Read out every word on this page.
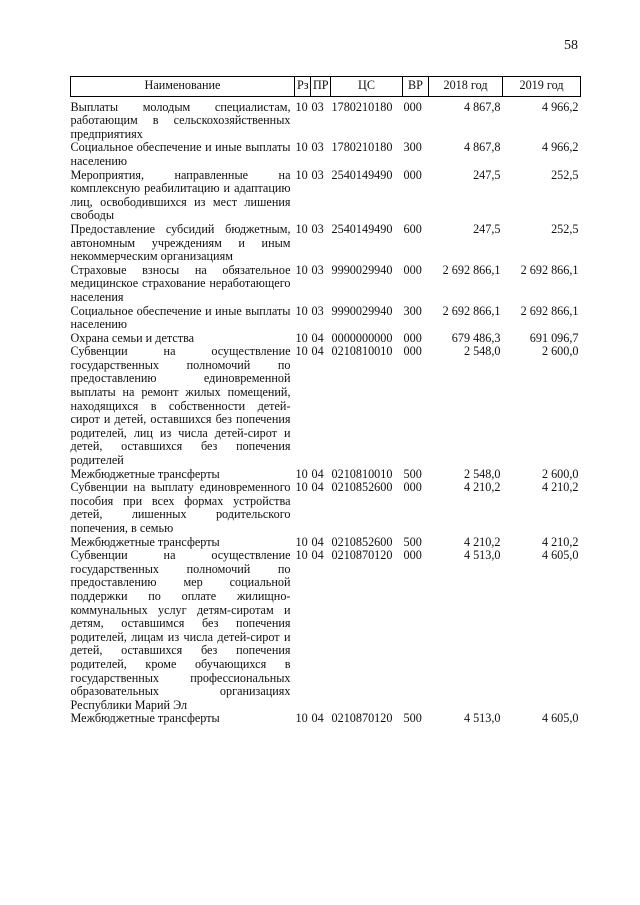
58
Наименование	Рз	ПР	ЦС	ВР	2018 год	2019 год

Выплаты молодым специалистам, работающим в сельскохозяйственных предприятиях	10	03	1780210180	000	4 867,8	4 966,2
Социальное обеспечение и иные выплаты населению	10	03	1780210180	300	4 867,8	4 966,2
Мероприятия, направленные на комплексную реабилитацию и адаптацию лиц, освободившихся из мест лишения свободы	10	03	2540149490	000	247,5	252,5
Предоставление субсидий бюджетным, автономным учреждениям и иным некоммерческим организациям	10	03	2540149490	600	247,5	252,5
Страховые взносы на обязательное медицинское страхование неработающего населения	10	03	9990029940	000	2 692 866,1	2 692 866,1
Социальное обеспечение и иные выплаты населению	10	03	9990029940	300	2 692 866,1	2 692 866,1
Охрана семьи и детства	10	04	0000000000	000	679 486,3	691 096,7
Субвенции на осуществление государственных полномочий по предоставлению единовременной выплаты на ремонт жилых помещений, находящихся в собственности детей-сирот и детей, оставшихся без попечения родителей, лиц из числа детей-сирот и детей, оставшихся без попечения родителей	10	04	0210810010	000	2 548,0	2 600,0
Межбюджетные трансферты	10	04	0210810010	500	2 548,0	2 600,0
Субвенции на выплату единовременного пособия при всех формах устройства детей, лишенных родительского попечения, в семью	10	04	0210852600	000	4 210,2	4 210,2
Межбюджетные трансферты	10	04	0210852600	500	4 210,2	4 210,2
Субвенции на осуществление государственных полномочий по предоставлению мер социальной поддержки по оплате жилищно-коммунальных услуг детям-сиротам и детям, оставшимся без попечения родителей, лицам из числа детей-сирот и детей, оставшихся без попечения родителей, кроме обучающихся в государственных профессиональных образовательных организациях Республики Марий Эл	10	04	0210870120	000	4 513,0	4 605,0
Межбюджетные трансферты	10	04	0210870120	500	4 513,0	4 605,0
